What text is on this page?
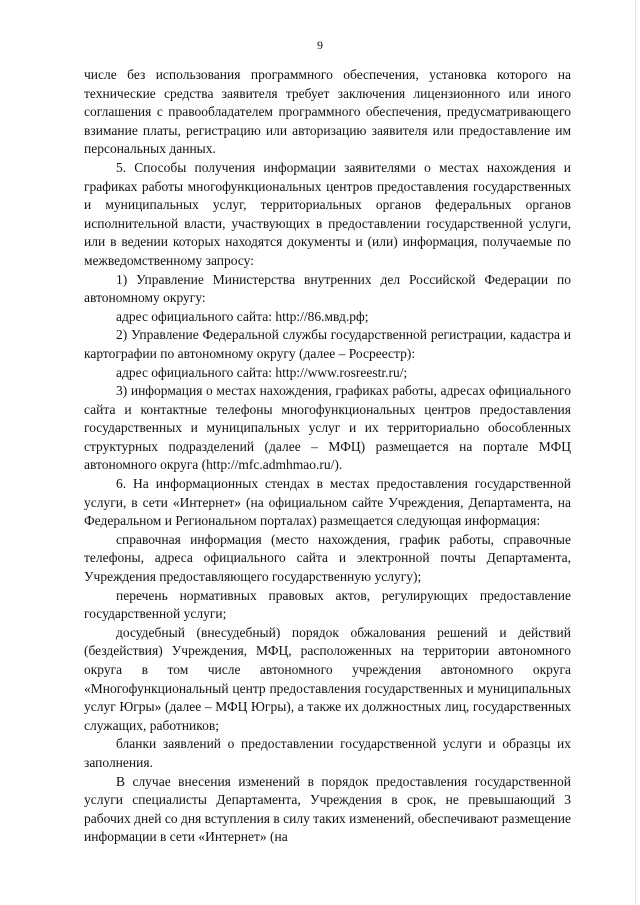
9

числе без использования программного обеспечения, установка которого на технические средства заявителя требует заключения лицензионного или иного соглашения с правообладателем программного обеспечения, предусматривающего взимание платы, регистрацию или авторизацию заявителя или предоставление им персональных данных.

5. Способы получения информации заявителями о местах нахождения и графиках работы многофункциональных центров предоставления государственных и муниципальных услуг, территориальных органов федеральных органов исполнительной власти, участвующих в предоставлении государственной услуги, или в ведении которых находятся документы и (или) информация, получаемые по межведомственному запросу:

1) Управление Министерства внутренних дел Российской Федерации по автономному округу:

адрес официального сайта: http://86.мвд.рф;

2) Управление Федеральной службы государственной регистрации, кадастра и картографии по автономному округу (далее – Росреестр):

адрес официального сайта: http://www.rosreestr.ru/;

3) информация о местах нахождения, графиках работы, адресах официального сайта и контактные телефоны многофункциональных центров предоставления государственных и муниципальных услуг и их территориально обособленных структурных подразделений (далее – МФЦ) размещается на портале МФЦ автономного округа (http://mfc.admhmao.ru/).

6. На информационных стендах в местах предоставления государственной услуги, в сети «Интернет» (на официальном сайте Учреждения, Департамента, на Федеральном и Региональном порталах) размещается следующая информация:

справочная информация (место нахождения, график работы, справочные телефоны, адреса официального сайта и электронной почты Департамента, Учреждения предоставляющего государственную услугу);

перечень нормативных правовых актов, регулирующих предоставление государственной услуги;

досудебный (внесудебный) порядок обжалования решений и действий (бездействия) Учреждения, МФЦ, расположенных на территории автономного округа в том числе автономного учреждения автономного округа «Многофункциональный центр предоставления государственных и муниципальных услуг Югры» (далее – МФЦ Югры), а также их должностных лиц, государственных служащих, работников;

бланки заявлений о предоставлении государственной услуги и образцы их заполнения.

В случае внесения изменений в порядок предоставления государственной услуги специалисты Департамента, Учреждения в срок, не превышающий 3 рабочих дней со дня вступления в силу таких изменений, обеспечивают размещение информации в сети «Интернет» (на
